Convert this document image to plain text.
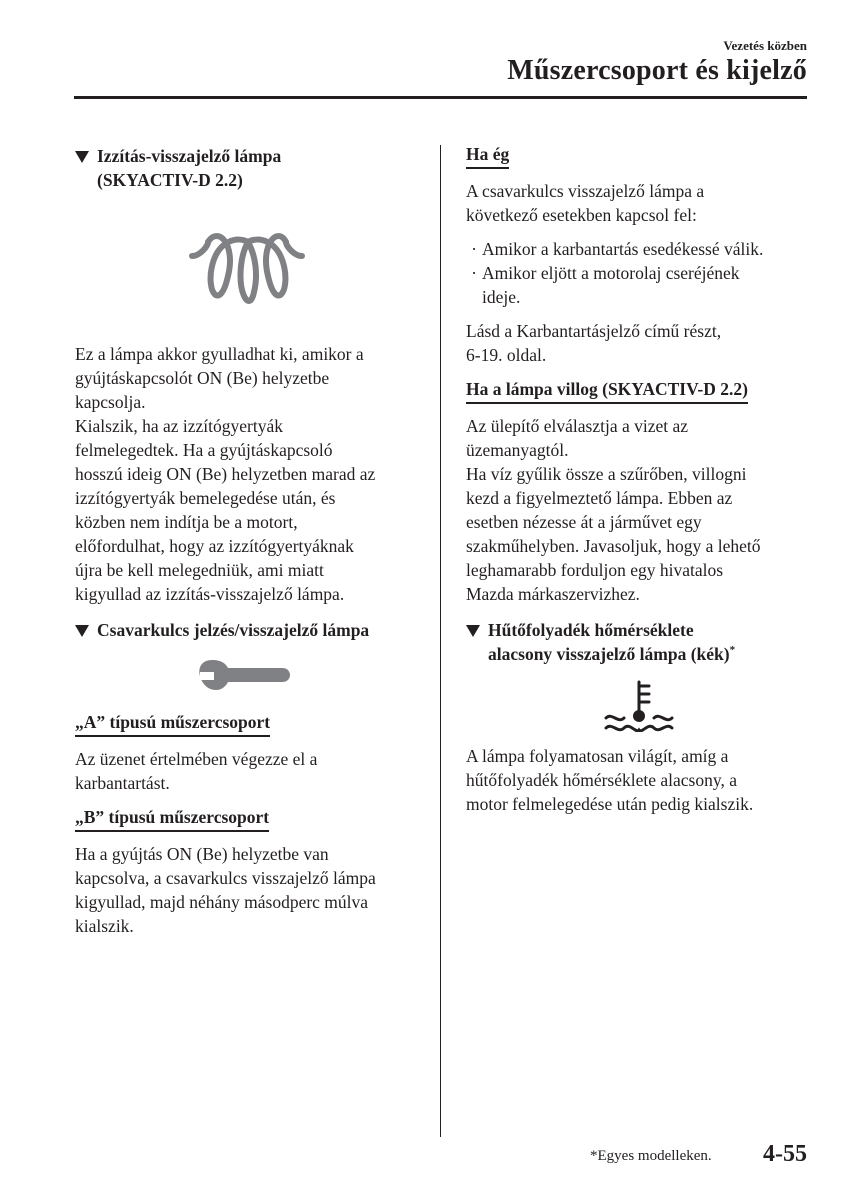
Vezetés közben
Műszercsoport és kijelző
Izzítás-visszajelző lámpa
(SKYACTIV-D 2.2)
Ez a lámpa akkor gyulladhat ki, amikor a
gyújtáskapcsolót ON (Be) helyzetbe
kapcsolja.
Kialszik, ha az izzítógyertyák
felmelegedtek. Ha a gyújtáskapcsoló
hosszú ideig ON (Be) helyzetben marad az
izzítógyertyák bemelegedése után, és
közben nem indítja be a motort,
előfordulhat, hogy az izzítógyertyáknak
újra be kell melegedniük, ami miatt
kigyullad az izzítás-visszajelző lámpa.
Csavarkulcs jelzés/visszajelző lámpa
„A” típusú műszercsoport
Az üzenet értelmében végezze el a
karbantartást.
„B” típusú műszercsoport
Ha a gyújtás ON (Be) helyzetbe van
kapcsolva, a csavarkulcs visszajelző lámpa
kigyullad, majd néhány másodperc múlva
kialszik.
Ha ég
A csavarkulcs visszajelző lámpa a
következő esetekben kapcsol fel:
· Amikor a karbantartás esedékessé válik.
· Amikor eljött a motorolaj cseréjének
ideje.
Lásd a Karbantartásjelző című részt,
6-19. oldal.
Ha a lámpa villog (SKYACTIV-D 2.2)
Az ülepítő elválasztja a vizet az
üzemanyagtól.
Ha víz gyűlik össze a szűrőben, villogni
kezd a figyelmeztető lámpa. Ebben az
esetben nézesse át a járművet egy
szakműhelyben. Javasoljuk, hogy a lehető
leghamarabb forduljon egy hivatalos
Mazda márkaszervizhez.
Hűtőfolyadék hőmérséklete
alacsony visszajelző lámpa (kék)*
A lámpa folyamatosan világít, amíg a
hűtőfolyadék hőmérséklete alacsony, a
motor felmelegedése után pedig kialszik.
*Egyes modelleken. 4-55
